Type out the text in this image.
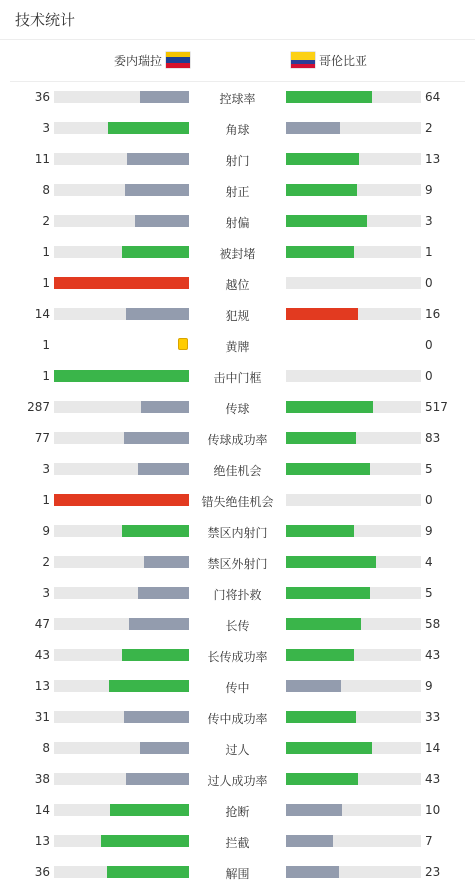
技术统计
委内瑞拉	哥伦比亚
36	控球率	64
3	角球	2
11	射门	13
8	射正	9
2	射偏	3
1	被封堵	1
1	越位	0
14	犯规	16
1	黄牌	0
1	击中门框	0
287	传球	517
77	传球成功率	83
3	绝佳机会	5
1	错失绝佳机会	0
9	禁区内射门	9
2	禁区外射门	4
3	门将扑救	5
47	长传	58
43	长传成功率	43
13	传中	9
31	传中成功率	33
8	过人	14
38	过人成功率	43
14	抢断	10
13	拦截	7
36	解围	23
